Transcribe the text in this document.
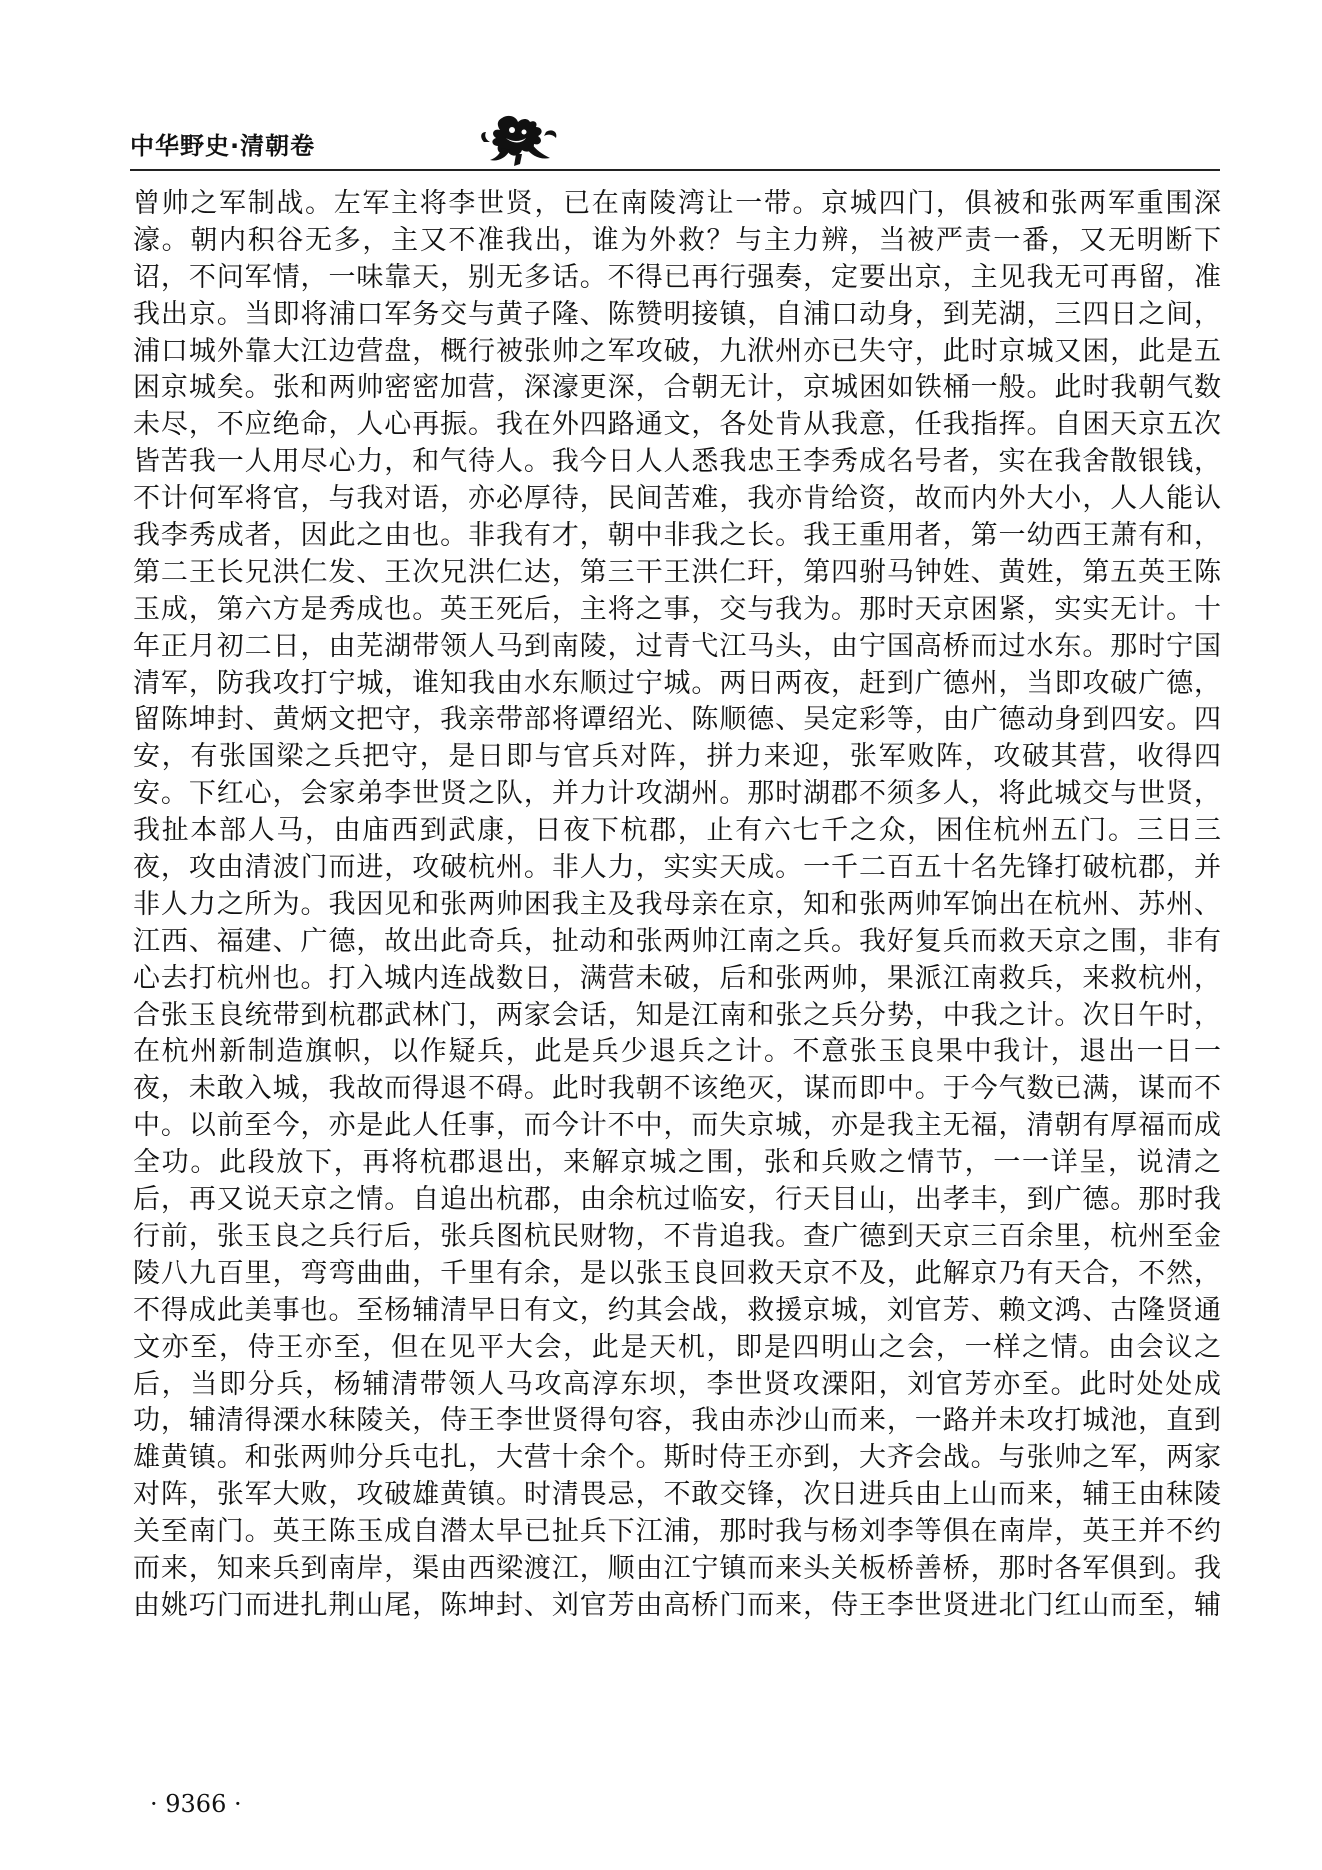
中华野史·清朝卷
曾帅之军制战。左军主将李世贤，已在南陵湾让一带。京城四门，俱被和张两军重围深
濠。朝内积谷无多，主又不准我出，谁为外救？与主力辨，当被严责一番，又无明断下
诏，不问军情，一味靠天，别无多话。不得已再行强奏，定要出京，主见我无可再留，准
我出京。当即将浦口军务交与黄子隆、陈赞明接镇，自浦口动身，到芜湖，三四日之间，
浦口城外靠大江边营盘，概行被张帅之军攻破，九洑州亦已失守，此时京城又困，此是五
困京城矣。张和两帅密密加营，深濠更深，合朝无计，京城困如铁桶一般。此时我朝气数
未尽，不应绝命，人心再振。我在外四路通文，各处肯从我意，任我指挥。自困天京五次
皆苦我一人用尽心力，和气待人。我今日人人悉我忠王李秀成名号者，实在我舍散银钱，
不计何军将官，与我对语，亦必厚待，民间苦难，我亦肯给资，故而内外大小，人人能认
我李秀成者，因此之由也。非我有才，朝中非我之长。我王重用者，第一幼西王萧有和，
第二王长兄洪仁发、王次兄洪仁达，第三干王洪仁玕，第四驸马钟姓、黄姓，第五英王陈
玉成，第六方是秀成也。英王死后，主将之事，交与我为。那时天京困紧，实实无计。十
年正月初二日，由芜湖带领人马到南陵，过青弋江马头，由宁国高桥而过水东。那时宁国
清军，防我攻打宁城，谁知我由水东顺过宁城。两日两夜，赶到广德州，当即攻破广德，
留陈坤封、黄炳文把守，我亲带部将谭绍光、陈顺德、吴定彩等，由广德动身到四安。四
安，有张国梁之兵把守，是日即与官兵对阵，拼力来迎，张军败阵，攻破其营，收得四
安。下红心，会家弟李世贤之队，并力计攻湖州。那时湖郡不须多人，将此城交与世贤，
我扯本部人马，由庙西到武康，日夜下杭郡，止有六七千之众，困住杭州五门。三日三
夜，攻由清波门而进，攻破杭州。非人力，实实天成。一千二百五十名先锋打破杭郡，并
非人力之所为。我因见和张两帅困我主及我母亲在京，知和张两帅军饷出在杭州、苏州、
江西、福建、广德，故出此奇兵，扯动和张两帅江南之兵。我好复兵而救天京之围，非有
心去打杭州也。打入城内连战数日，满营未破，后和张两帅，果派江南救兵，来救杭州，
合张玉良统带到杭郡武林门，两家会话，知是江南和张之兵分势，中我之计。次日午时，
在杭州新制造旗帜，以作疑兵，此是兵少退兵之计。不意张玉良果中我计，退出一日一
夜，未敢入城，我故而得退不碍。此时我朝不该绝灭，谋而即中。于今气数已满，谋而不
中。以前至今，亦是此人任事，而今计不中，而失京城，亦是我主无福，清朝有厚福而成
全功。此段放下，再将杭郡退出，来解京城之围，张和兵败之情节，一一详呈，说清之
后，再又说天京之情。自追出杭郡，由余杭过临安，行天目山，出孝丰，到广德。那时我
行前，张玉良之兵行后，张兵图杭民财物，不肯追我。查广德到天京三百余里，杭州至金
陵八九百里，弯弯曲曲，千里有余，是以张玉良回救天京不及，此解京乃有天合，不然，
不得成此美事也。至杨辅清早日有文，约其会战，救援京城，刘官芳、赖文鸿、古隆贤通
文亦至，侍王亦至，但在见平大会，此是天机，即是四明山之会，一样之情。由会议之
后，当即分兵，杨辅清带领人马攻高淳东坝，李世贤攻溧阳，刘官芳亦至。此时处处成
功，辅清得溧水秣陵关，侍王李世贤得句容，我由赤沙山而来，一路并未攻打城池，直到
雄黄镇。和张两帅分兵屯扎，大营十余个。斯时侍王亦到，大齐会战。与张帅之军，两家
对阵，张军大败，攻破雄黄镇。时清畏忌，不敢交锋，次日进兵由上山而来，辅王由秣陵
关至南门。英王陈玉成自潜太早已扯兵下江浦，那时我与杨刘李等俱在南岸，英王并不约
而来，知来兵到南岸，渠由西梁渡江，顺由江宁镇而来头关板桥善桥，那时各军俱到。我
由姚巧门而进扎荆山尾，陈坤封、刘官芳由高桥门而来，侍王李世贤进北门红山而至，辅
· 9366 ·
